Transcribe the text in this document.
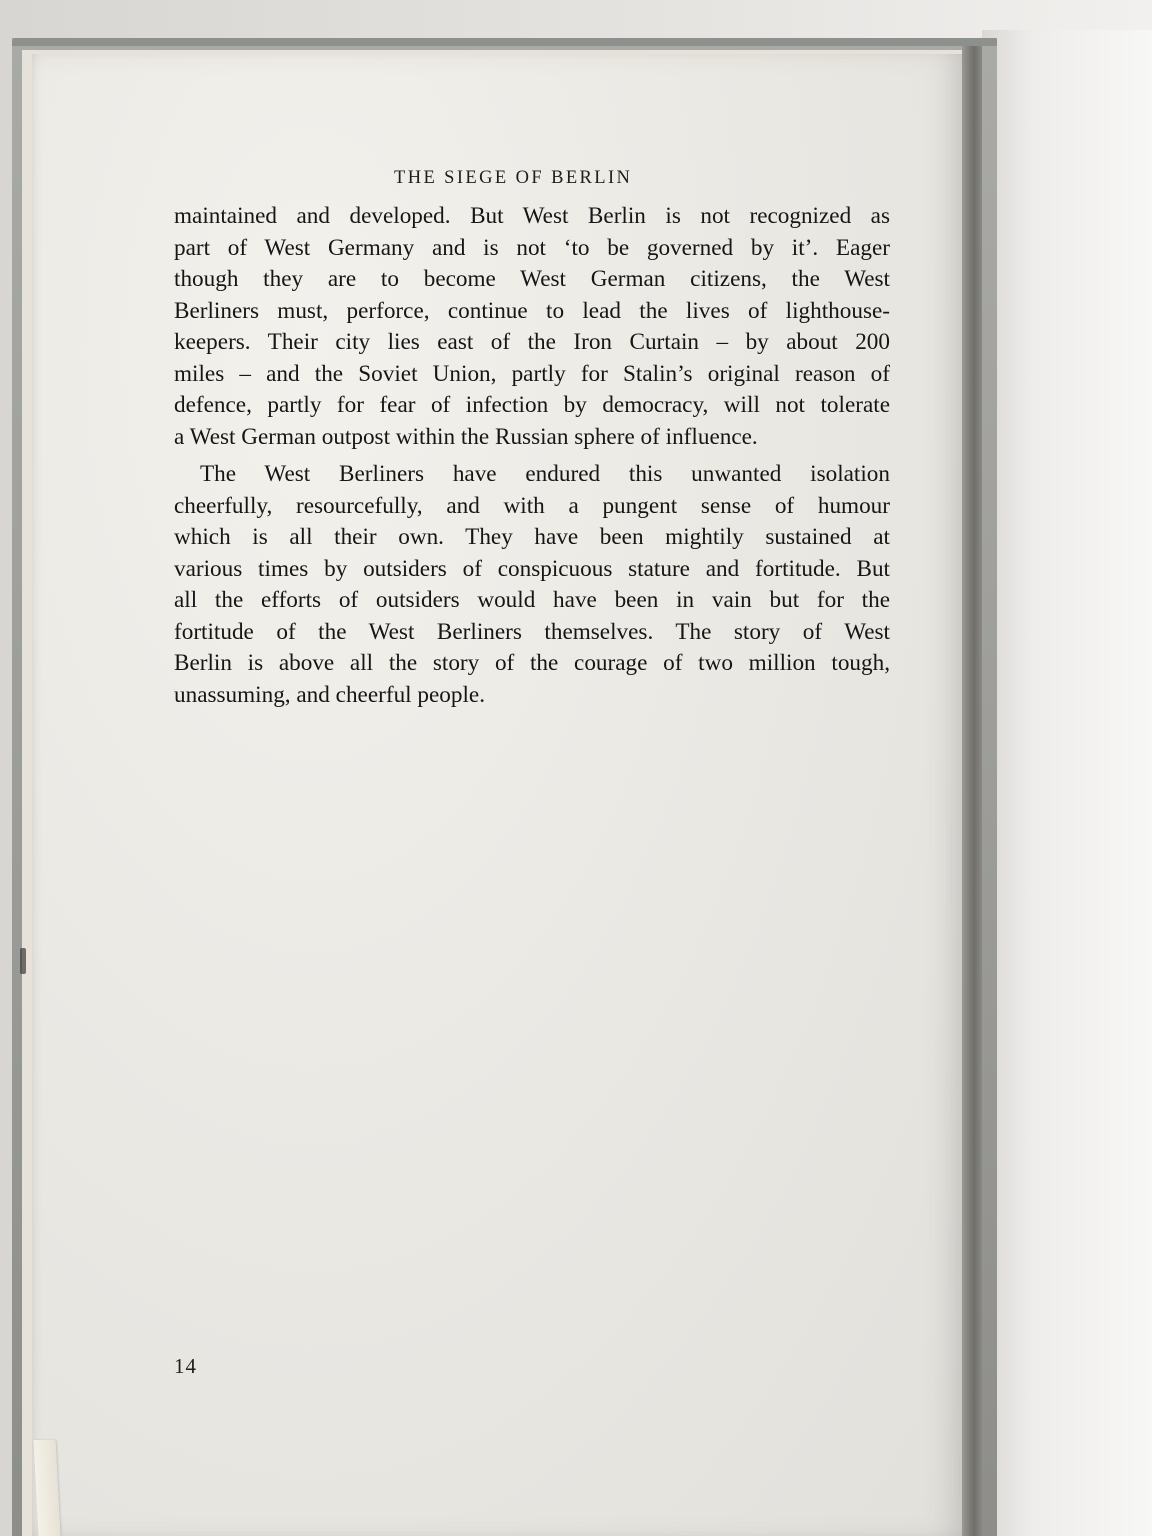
THE SIEGE OF BERLIN
maintained and developed. But West Berlin is not recognized as
part of West Germany and is not ‘to be governed by it’. Eager
though they are to become West German citizens, the West
Berliners must, perforce, continue to lead the lives of lighthouse-
keepers. Their city lies east of the Iron Curtain – by about 200
miles – and the Soviet Union, partly for Stalin’s original reason of
defence, partly for fear of infection by democracy, will not tolerate
a West German outpost within the Russian sphere of influence.
The West Berliners have endured this unwanted isolation
cheerfully, resourcefully, and with a pungent sense of humour
which is all their own. They have been mightily sustained at
various times by outsiders of conspicuous stature and fortitude. But
all the efforts of outsiders would have been in vain but for the
fortitude of the West Berliners themselves. The story of West
Berlin is above all the story of the courage of two million tough,
unassuming, and cheerful people.
14
